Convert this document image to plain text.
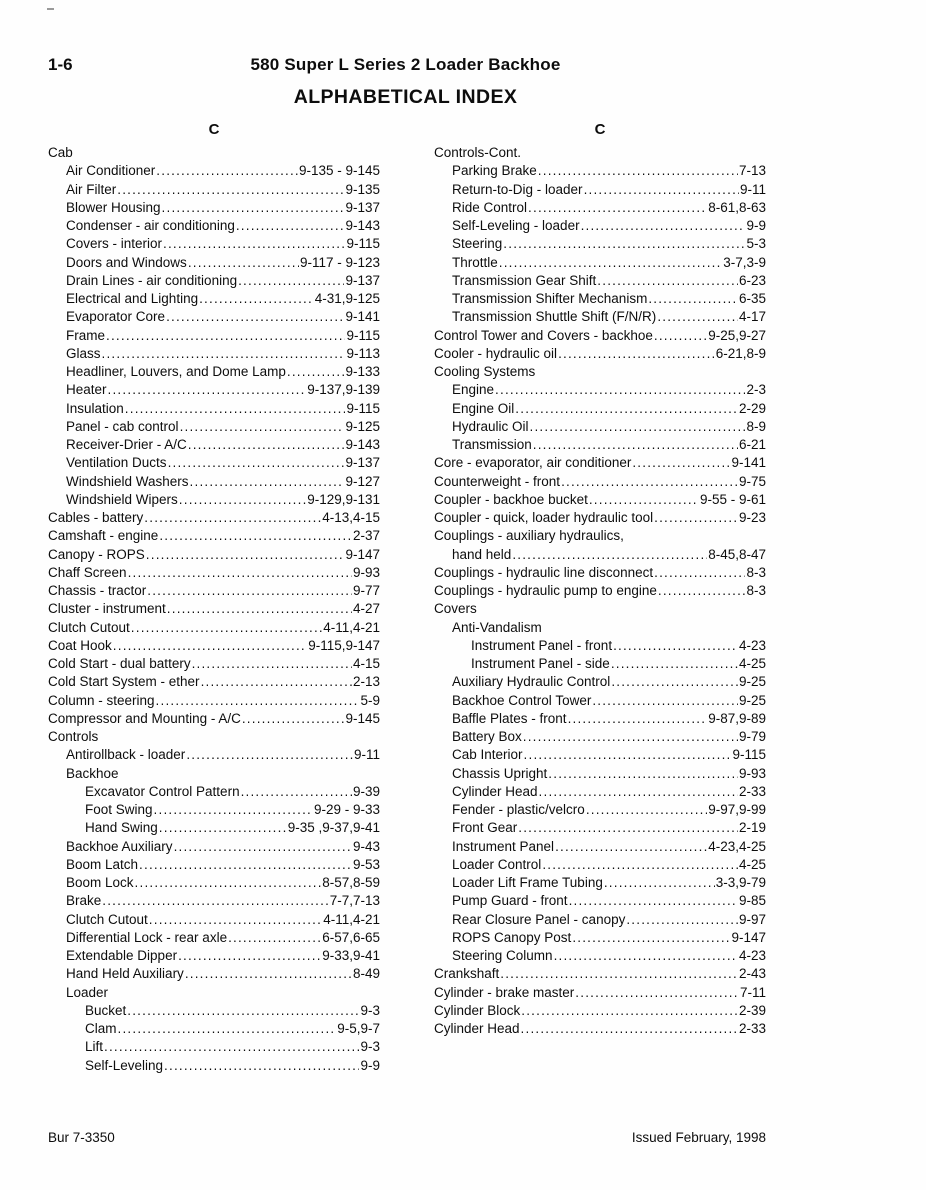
1-6	580 Super L Series 2 Loader Backhoe
ALPHABETICAL INDEX
C
Cab
Air Conditioner .....	9-135 - 9-145
Air Filter .....	9-135
Blower Housing .....	9-137
Condenser - air conditioning .....	9-143
Covers - interior .....	9-115
Doors and Windows .....	9-117 - 9-123
Drain Lines - air conditioning .....	9-137
Electrical and Lighting .....	4-31,9-125
Evaporator Core .....	9-141
Frame .....	9-115
Glass .....	9-113
Headliner, Louvers, and Dome Lamp .....	9-133
Heater .....	9-137,9-139
Insulation .....	9-115
Panel - cab control .....	9-125
Receiver-Drier - A/C .....	9-143
Ventilation Ducts .....	9-137
Windshield Washers .....	9-127
Windshield Wipers .....	9-129,9-131
Cables - battery .....	4-13,4-15
Camshaft - engine .....	2-37
Canopy - ROPS .....	9-147
Chaff Screen .....	9-93
Chassis - tractor .....	9-77
Cluster - instrument .....	4-27
Clutch Cutout .....	4-11,4-21
Coat Hook .....	9-115,9-147
Cold Start - dual battery .....	4-15
Cold Start System - ether .....	2-13
Column - steering .....	5-9
Compressor and Mounting - A/C .....	9-145
Controls
Antirollback - loader .....	9-11
Backhoe
Excavator Control Pattern .....	9-39
Foot Swing .....	9-29 - 9-33
Hand Swing .....	9-35 ,9-37,9-41
Backhoe Auxiliary .....	9-43
Boom Latch .....	9-53
Boom Lock .....	8-57,8-59
Brake .....	7-7,7-13
Clutch Cutout .....	4-11,4-21
Differential Lock - rear axle .....	6-57,6-65
Extendable Dipper .....	9-33,9-41
Hand Held Auxiliary .....	8-49
Loader
Bucket .....	9-3
Clam .....	9-5,9-7
Lift .....	9-3
Self-Leveling .....	9-9
C
Controls-Cont.
Parking Brake .....	7-13
Return-to-Dig - loader .....	9-11
Ride Control .....	8-61,8-63
Self-Leveling - loader .....	9-9
Steering .....	5-3
Throttle .....	3-7,3-9
Transmission Gear Shift .....	6-23
Transmission Shifter Mechanism .....	6-35
Transmission Shuttle Shift (F/N/R) .....	4-17
Control Tower and Covers - backhoe .....	9-25,9-27
Cooler - hydraulic oil .....	6-21,8-9
Cooling Systems
Engine .....	2-3
Engine Oil .....	2-29
Hydraulic Oil .....	8-9
Transmission .....	6-21
Core - evaporator, air conditioner .....	9-141
Counterweight - front .....	9-75
Coupler - backhoe bucket .....	9-55 - 9-61
Coupler - quick, loader hydraulic tool .....	9-23
Couplings - auxiliary hydraulics,
hand held .....	8-45,8-47
Couplings - hydraulic line disconnect .....	8-3
Couplings - hydraulic pump to engine .....	8-3
Covers
Anti-Vandalism
Instrument Panel - front .....	4-23
Instrument Panel - side .....	4-25
Auxiliary Hydraulic Control .....	9-25
Backhoe Control Tower .....	9-25
Baffle Plates - front .....	9-87,9-89
Battery Box .....	9-79
Cab Interior .....	9-115
Chassis Upright .....	9-93
Cylinder Head .....	2-33
Fender - plastic/velcro .....	9-97,9-99
Front Gear .....	2-19
Instrument Panel .....	4-23,4-25
Loader Control .....	4-25
Loader Lift Frame Tubing .....	3-3,9-79
Pump Guard - front .....	9-85
Rear Closure Panel - canopy .....	9-97
ROPS Canopy Post .....	9-147
Steering Column .....	4-23
Crankshaft .....	2-43
Cylinder - brake master .....	7-11
Cylinder Block .....	2-39
Cylinder Head .....	2-33
Bur 7-3350	Issued February, 1998
